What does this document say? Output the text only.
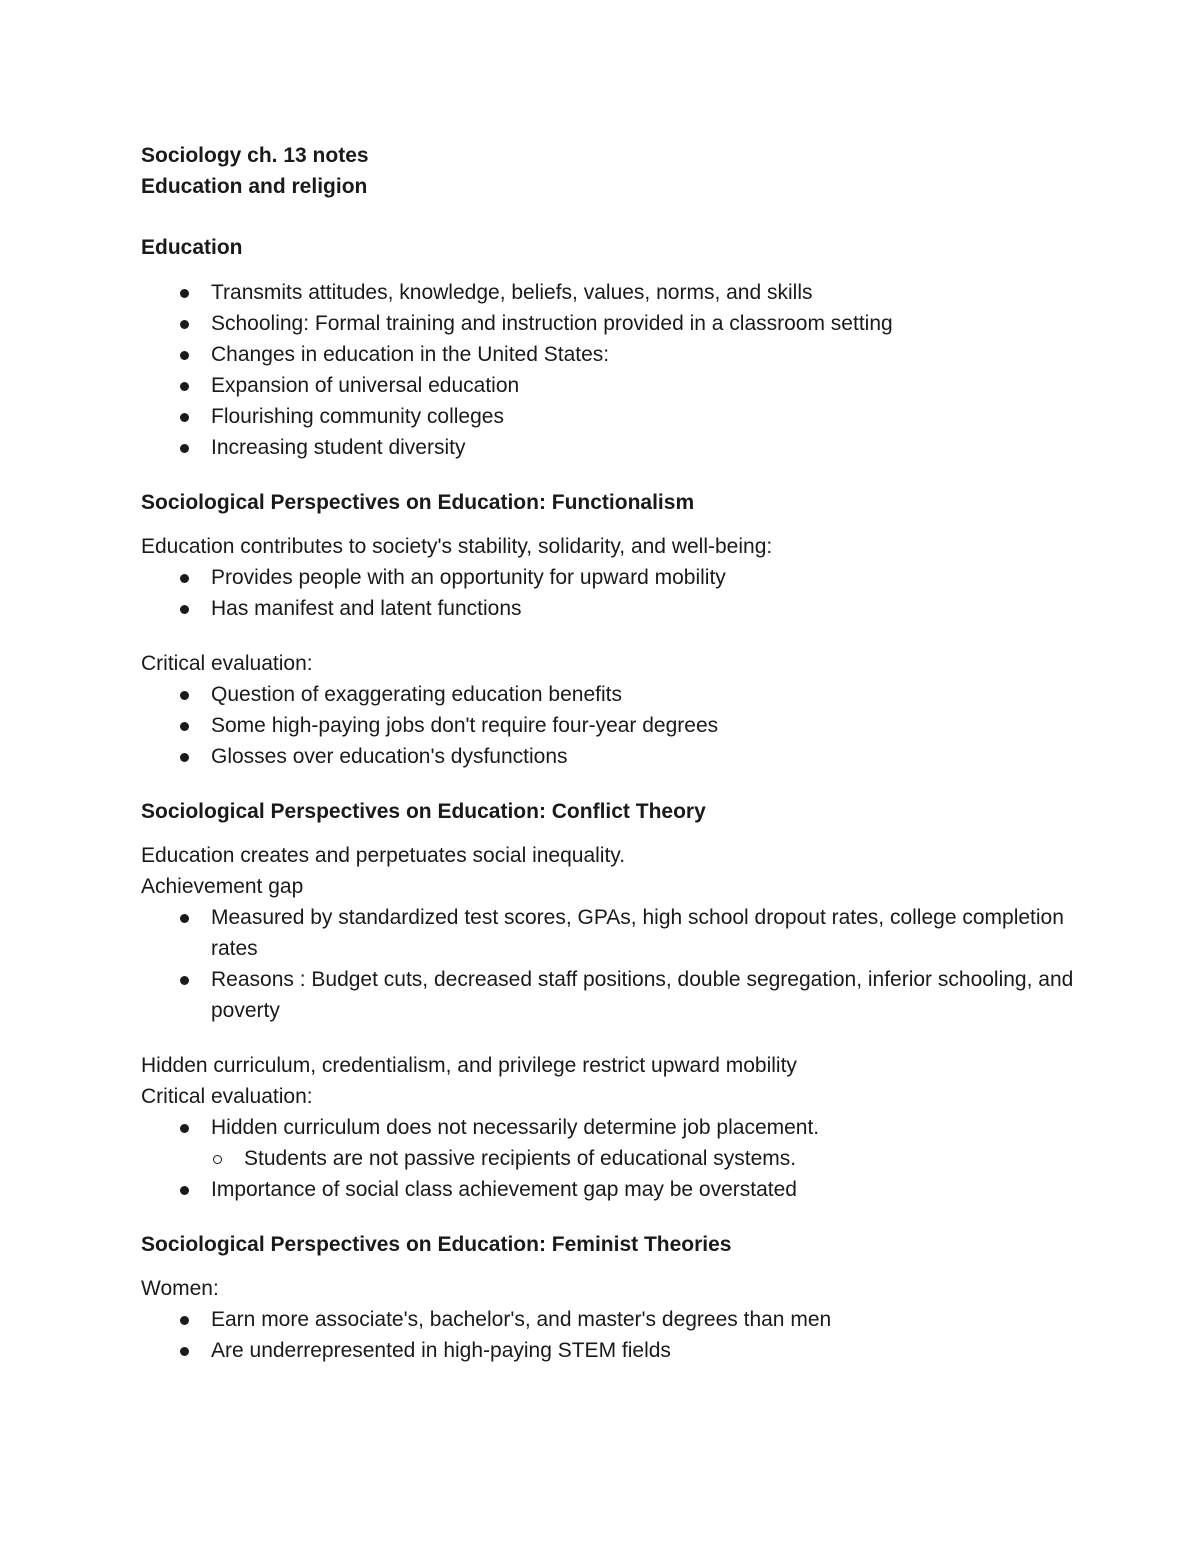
Sociology ch. 13 notes

Education and religion

Education

Transmits attitudes, knowledge, beliefs, values, norms, and skills
Schooling: Formal training and instruction provided in a classroom setting
Changes in education in the United States:
Expansion of universal education
Flourishing community colleges
Increasing student diversity

Sociological Perspectives on Education: Functionalism

Education contributes to society's stability, solidarity, and well-being:

Provides people with an opportunity for upward mobility
Has manifest and latent functions

Critical evaluation:

Question of exaggerating education benefits
Some high-paying jobs don't require four-year degrees
Glosses over education's dysfunctions

Sociological Perspectives on Education: Conflict Theory

Education creates and perpetuates social inequality.

Achievement gap

Measured by standardized test scores, GPAs, high school dropout rates, college completion rates
Reasons : Budget cuts, decreased staff positions, double segregation, inferior schooling, and poverty

Hidden curriculum, credentialism, and privilege restrict upward mobility

Critical evaluation:

Hidden curriculum does not necessarily determine job placement.
Students are not passive recipients of educational systems.
Importance of social class achievement gap may be overstated

Sociological Perspectives on Education: Feminist Theories

Women:

Earn more associate's, bachelor's, and master's degrees than men
Are underrepresented in high-paying STEM fields
